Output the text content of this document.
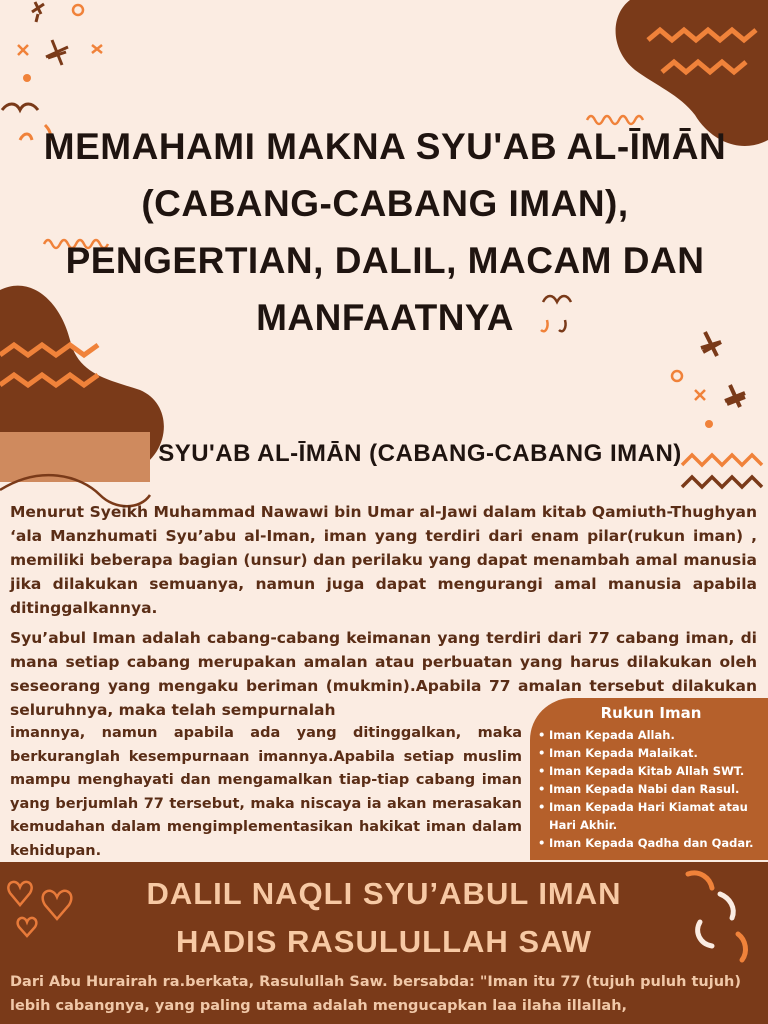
MEMAHAMI MAKNA SYU'AB AL-ĪMĀN (CABANG-CABANG IMAN), PENGERTIAN, DALIL, MACAM DAN MANFAATNYA
SYU'AB AL-ĪMĀN (CABANG-CABANG IMAN)
Menurut Syeikh Muhammad Nawawi bin Umar al-Jawi dalam kitab Qamiuth-Thughyan ‘ala Manzhumati Syu’abu al-Iman, iman yang terdiri dari enam pilar(rukun iman) , memiliki beberapa bagian (unsur) dan perilaku yang dapat menambah amal manusia jika dilakukan semuanya, namun juga dapat mengurangi amal manusia apabila ditinggalkannya.
Syu’abul Iman adalah cabang-cabang keimanan yang terdiri dari 77 cabang iman, di mana setiap cabang merupakan amalan atau perbuatan yang harus dilakukan oleh seseorang yang mengaku beriman (mukmin).Apabila 77 amalan tersebut dilakukan seluruhnya, maka telah sempurnalah
imannya, namun apabila ada yang ditinggalkan, maka berkuranglah kesempurnaan imannya.Apabila setiap muslim mampu menghayati dan mengamalkan tiap-tiap cabang iman yang berjumlah 77 tersebut, maka niscaya ia akan merasakan kemudahan dalam mengimplementasikan hakikat iman dalam kehidupan.
Rukun Iman
• Iman Kepada Allah.
• Iman Kepada Malaikat.
• Iman Kepada Kitab Allah SWT.
• Iman Kepada Nabi dan Rasul.
• Iman Kepada Hari Kiamat atau Hari Akhir.
• Iman Kepada Qadha dan Qadar.
DALIL NAQLI SYU’ABUL IMAN
HADIS RASULULLAH SAW
Dari Abu Hurairah ra.berkata, Rasulullah Saw. bersabda: "Iman itu 77 (tujuh puluh tujuh) lebih cabangnya, yang paling utama adalah mengucapkan laa ilaha illallah,
